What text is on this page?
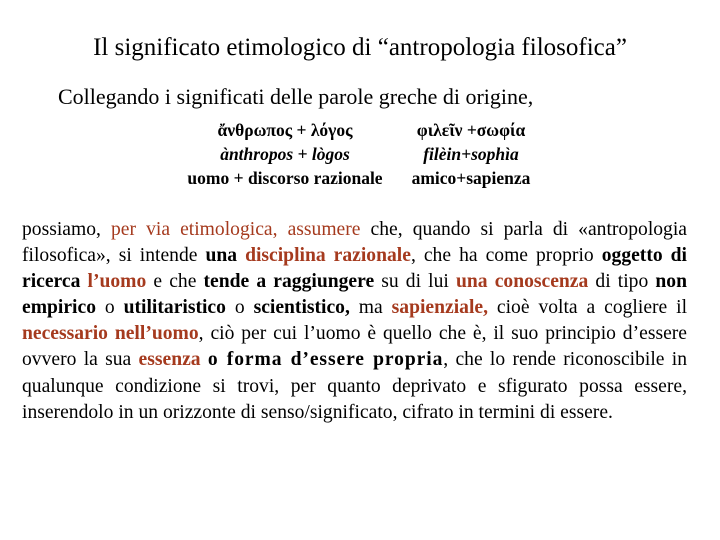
Il significato etimologico di “antropologia filosofica”
Collegando i significati delle parole greche di origine,
ἄνθρωπος + λόγος
ànthropos + lògos
uomo + discorso razionale
φιλεῖν +σωφία
filèin+sophìa
amico+sapienza
possiamo, per via etimologica, assumere che, quando si parla di «antropologia filosofica», si intende una disciplina razionale, che ha come proprio oggetto di ricerca l’uomo e che tende a raggiungere su di lui una conoscenza di tipo non empirico o utilitaristico o scientistico, ma sapienziale, cioè volta a cogliere il necessario nell’uomo, ciò per cui l’uomo è quello che è, il suo principio d’essere ovvero la sua essenza o forma d’essere propria, che lo rende riconoscibile in qualunque condizione si trovi, per quanto deprivato e sfigurato possa essere, inserendolo in un orizzonte di senso/significato, cifrato in termini di essere.
